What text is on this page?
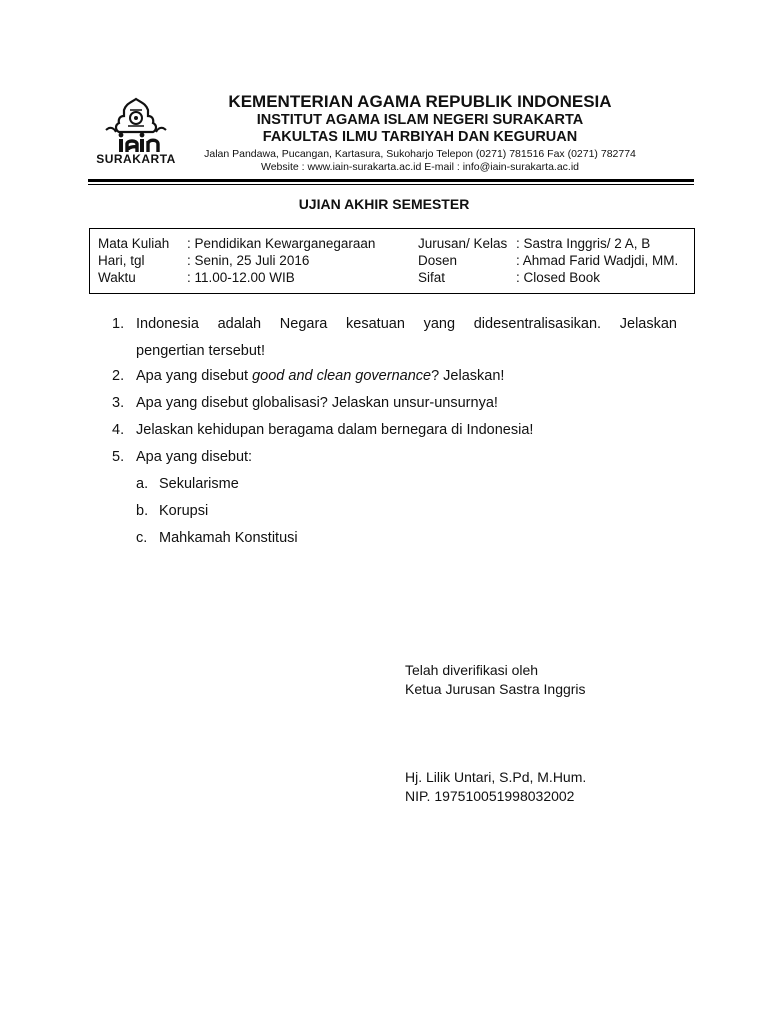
SURAKARTA
KEMENTERIAN AGAMA REPUBLIK INDONESIA
INSTITUT AGAMA ISLAM NEGERI SURAKARTA
FAKULTAS ILMU TARBIYAH DAN KEGURUAN
Jalan Pandawa, Pucangan, Kartasura, Sukoharjo Telepon (0271) 781516 Fax (0271) 782774
Website : www.iain-surakarta.ac.id E-mail : info@iain-surakarta.ac.id
UJIAN AKHIR SEMESTER
Mata Kuliah : Pendidikan Kewarganegaraan	Jurusan/ Kelas : Sastra Inggris/ 2 A, B
Hari, tgl	: Senin, 25 Juli 2016	Dosen	: Ahmad Farid Wadjdi, MM.
Waktu	: 11.00-12.00 WIB	Sifat	: Closed Book
1. Indonesia adalah Negara kesatuan yang didesentralisasikan. Jelaskan
pengertian tersebut!
2. Apa yang disebut good and clean governance? Jelaskan!
3. Apa yang disebut globalisasi? Jelaskan unsur-unsurnya!
4. Jelaskan kehidupan beragama dalam bernegara di Indonesia!
5. Apa yang disebut:
a. Sekularisme
b. Korupsi
c. Mahkamah Konstitusi
Telah diverifikasi oleh
Ketua Jurusan Sastra Inggris
Hj. Lilik Untari, S.Pd, M.Hum.
NIP. 197510051998032002
